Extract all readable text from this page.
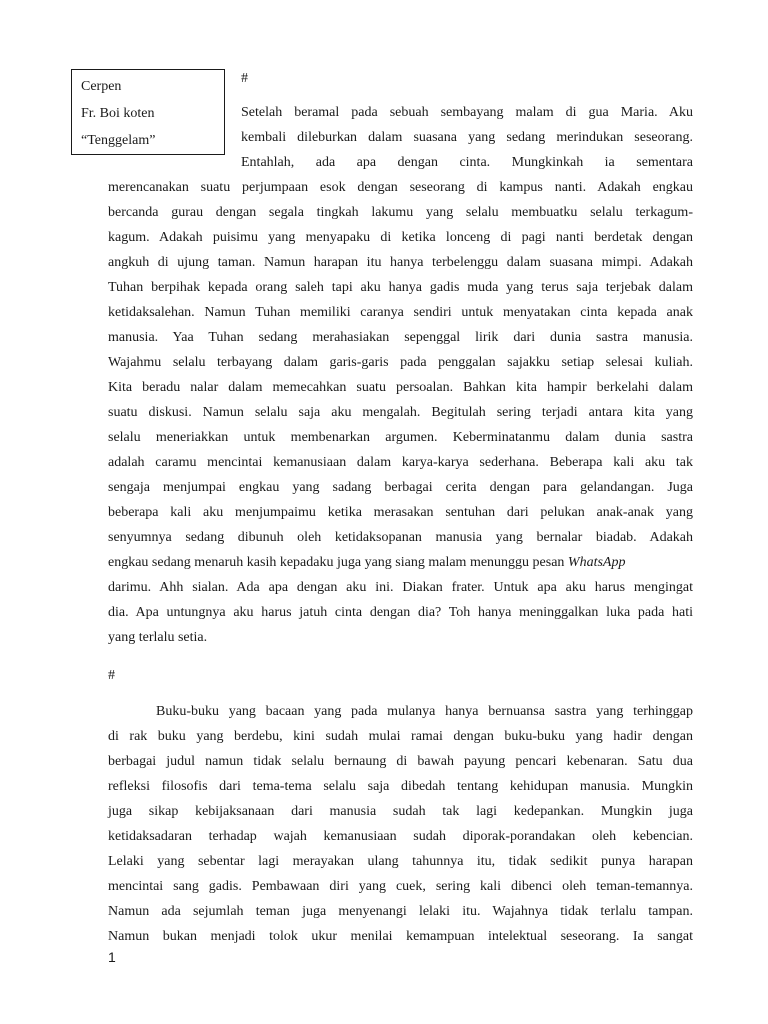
Cerpen
Fr. Boi koten
“Tenggelam”
#
Setelah beramal pada sebuah sembayang malam di gua Maria. Aku
kembali dileburkan dalam suasana yang sedang merindukan seseorang.
Entahlah, ada apa dengan cinta. Mungkinkah ia sementara
merencanakan suatu perjumpaan esok dengan seseorang di kampus nanti. Adakah engkau
bercanda gurau dengan segala tingkah lakumu yang selalu membuatku selalu terkagum-
kagum. Adakah puisimu yang menyapaku di ketika lonceng di pagi nanti berdetak dengan
angkuh di ujung taman. Namun harapan itu hanya terbelenggu dalam suasana mimpi. Adakah
Tuhan berpihak kepada orang saleh tapi aku hanya gadis muda yang terus saja terjebak dalam
ketidaksalehan. Namun Tuhan memiliki caranya sendiri untuk menyatakan cinta kepada anak
manusia. Yaa Tuhan sedang merahasiakan sepenggal lirik dari dunia sastra manusia.
Wajahmu selalu terbayang dalam garis-garis pada penggalan sajakku setiap selesai kuliah.
Kita beradu nalar dalam memecahkan suatu persoalan. Bahkan kita hampir berkelahi dalam
suatu diskusi. Namun selalu saja aku mengalah. Begitulah sering terjadi antara kita yang
selalu meneriakkan untuk membenarkan argumen. Keberminatanmu dalam dunia sastra
adalah caramu mencintai kemanusiaan dalam karya-karya sederhana. Beberapa kali aku tak
sengaja menjumpai engkau yang sadang berbagai cerita dengan para gelandangan. Juga
beberapa kali aku menjumpaimu ketika merasakan sentuhan dari pelukan anak-anak yang
senyumnya sedang dibunuh oleh ketidaksopanan manusia yang bernalar biadab. Adakah
engkau sedang menaruh kasih kepadaku juga yang siang malam menunggu pesan WhatsApp
darimu. Ahh sialan. Ada apa dengan aku ini. Diakan frater. Untuk apa aku harus mengingat
dia. Apa untungnya aku harus jatuh cinta dengan dia? Toh hanya meninggalkan luka pada hati
yang terlalu setia.
#
Buku-buku yang bacaan yang pada mulanya hanya bernuansa sastra yang terhinggap
di rak buku yang berdebu, kini sudah mulai ramai dengan buku-buku yang hadir dengan
berbagai judul namun tidak selalu bernaung di bawah payung pencari kebenaran. Satu dua
refleksi filosofis dari tema-tema selalu saja dibedah tentang kehidupan manusia. Mungkin
juga sikap kebijaksanaan dari manusia sudah tak lagi kedepankan. Mungkin juga
ketidaksadaran terhadap wajah kemanusiaan sudah diporak-porandakan oleh kebencian.
Lelaki yang sebentar lagi merayakan ulang tahunnya itu, tidak sedikit punya harapan
mencintai sang gadis. Pembawaan diri yang cuek, sering kali dibenci oleh teman-temannya.
Namun ada sejumlah teman juga menyenangi lelaki itu. Wajahnya tidak terlalu tampan.
Namun bukan menjadi tolok ukur menilai kemampuan intelektual seseorang. Ia sangat
1
